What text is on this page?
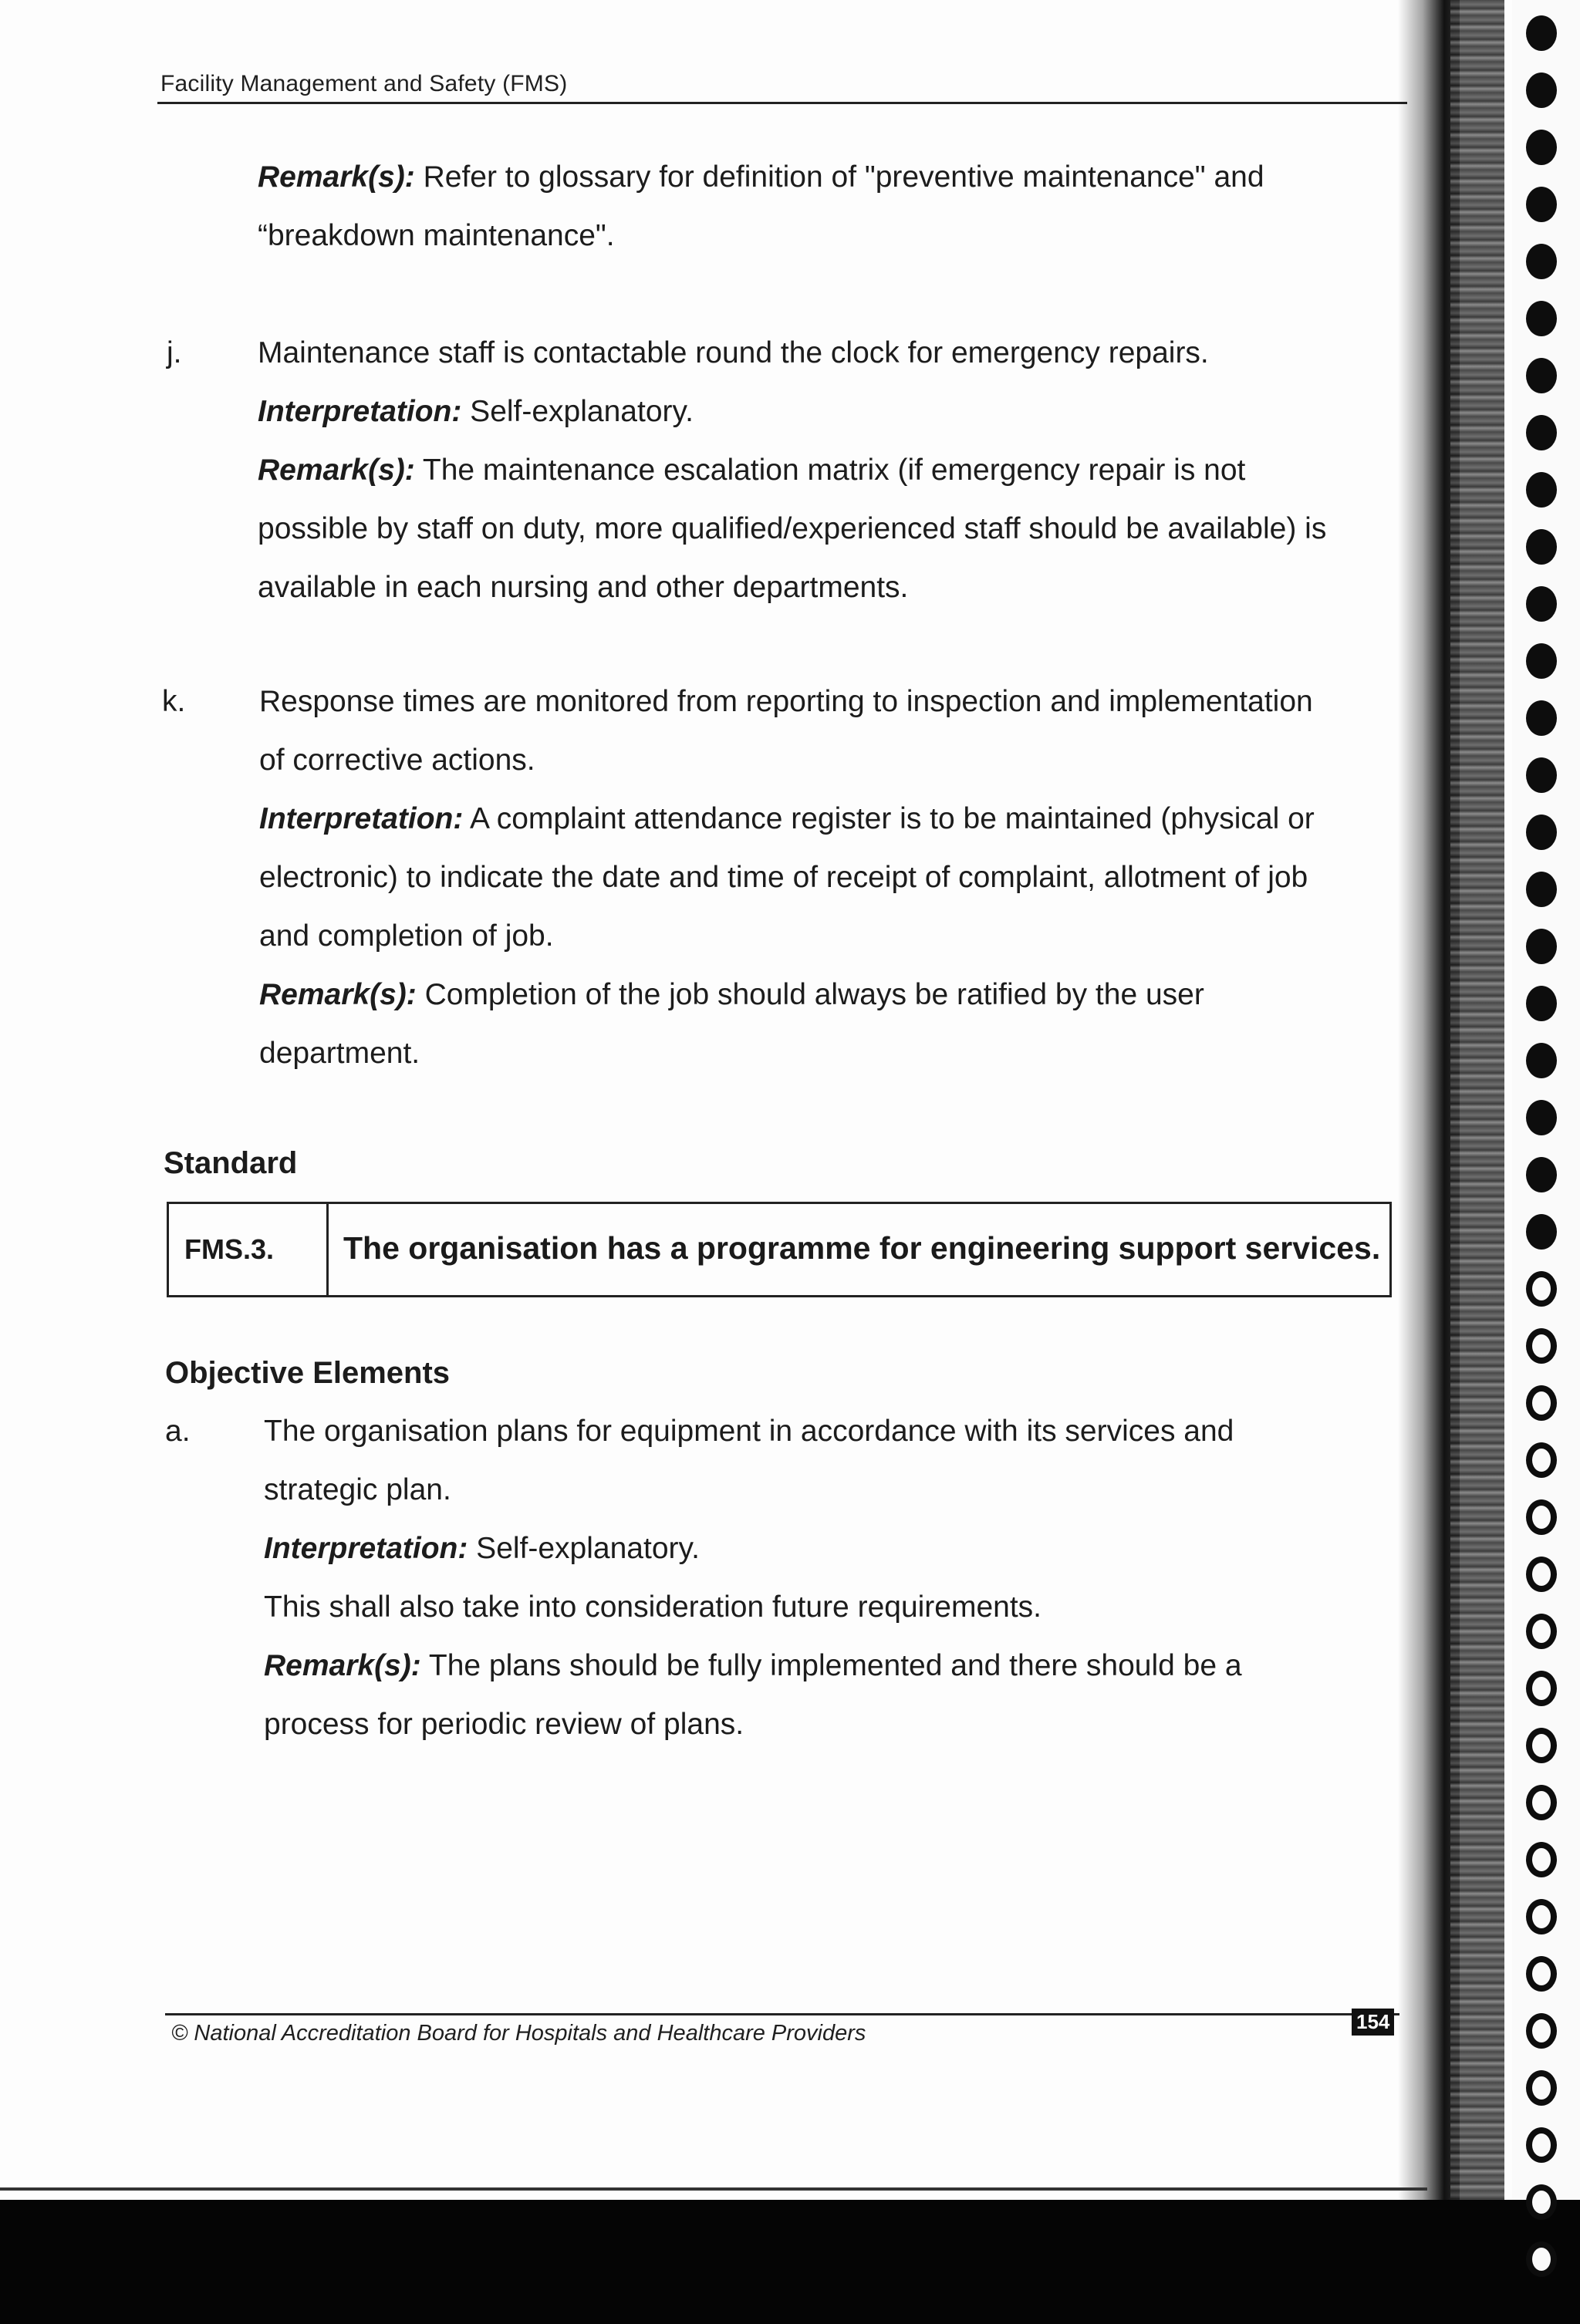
Facility Management and Safety (FMS)

Remark(s): Refer to glossary for definition of "preventive maintenance" and

“breakdown maintenance".

j.	Maintenance staff is contactable round the clock for emergency repairs.

Interpretation: Self-explanatory.

Remark(s): The maintenance escalation matrix (if emergency repair is not

possible by staff on duty, more qualified/experienced staff should be available) is

available in each nursing and other departments.

k. Response times are monitored from reporting to inspection and implementation

of corrective actions.

Interpretation: A complaint attendance register is to be maintained (physical or

electronic) to indicate the date and time of receipt of complaint, allotment of job

and completion of job.

Remark(s): Completion of the job should always be ratified by the user

department.

Standard
FMS.3. The organisation has a programme for engineering support services.
Objective Elements
a. The organisation plans for equipment in accordance with its services and

strategic plan.

Interpretation: Self-explanatory.

This shall also take into consideration future requirements.

Remark(s): The plans should be fully implemented and there should be a

process for periodic review of plans.

© National Accreditation Board for Hospitals and Healthcare Providers	154
